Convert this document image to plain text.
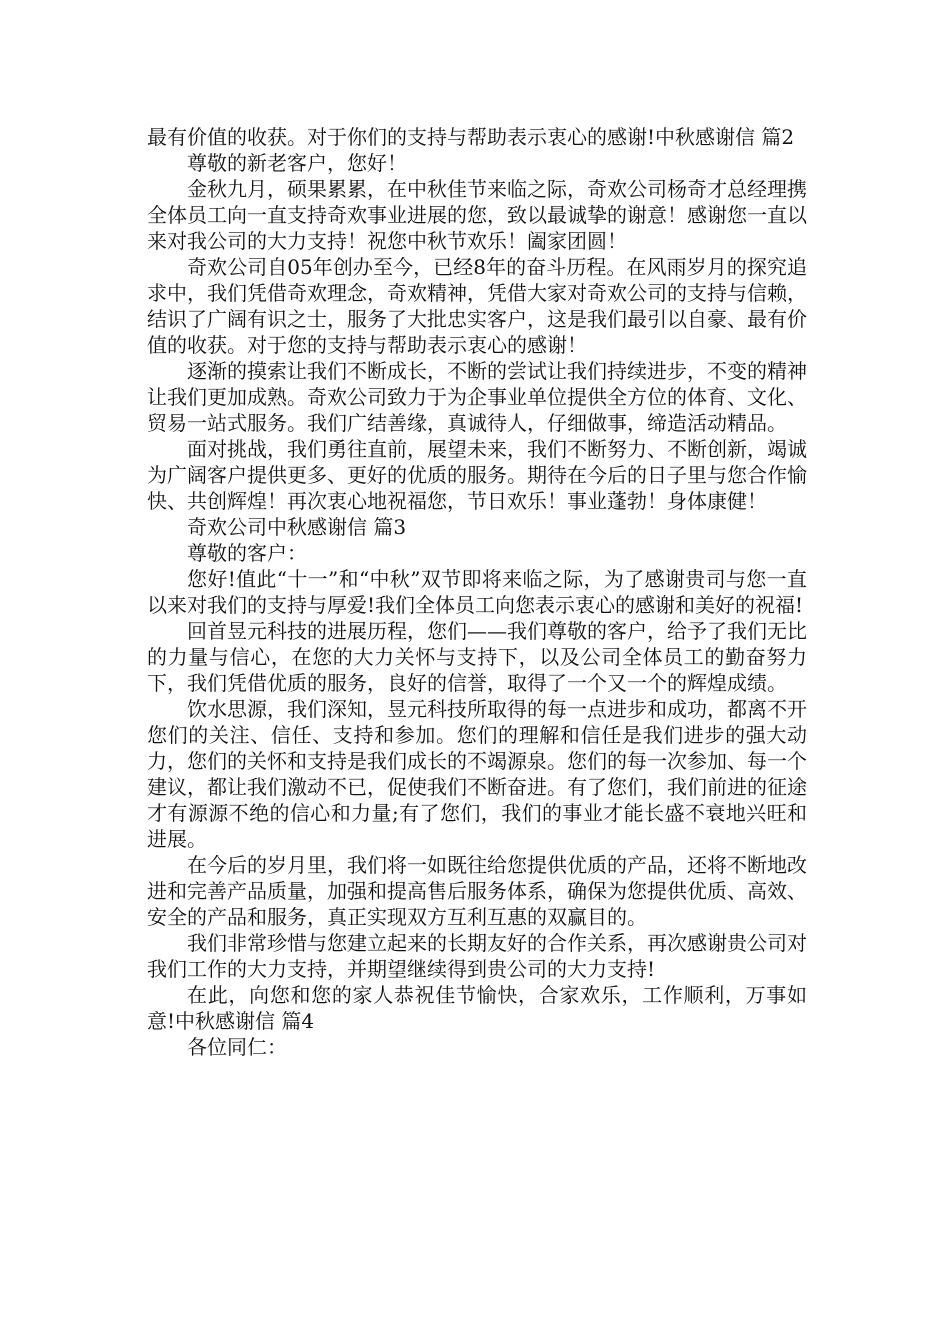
最有价值的收获。对于你们的支持与帮助表示衷心的感谢!中秋感谢信 篇2

尊敬的新老客户，您好！

金秋九月，硕果累累，在中秋佳节来临之际，奇欢公司杨奇才总经理携全体员工向一直支持奇欢事业进展的您，致以最诚挚的谢意！感谢您一直以来对我公司的大力支持！祝您中秋节欢乐！阖家团圆！

奇欢公司自05年创办至今，已经8年的奋斗历程。在风雨岁月的探究追求中，我们凭借奇欢理念，奇欢精神，凭借大家对奇欢公司的支持与信赖，结识了广阔有识之士，服务了大批忠实客户，这是我们最引以自豪、最有价值的收获。对于您的支持与帮助表示衷心的感谢！

逐渐的摸索让我们不断成长，不断的尝试让我们持续进步，不变的精神让我们更加成熟。奇欢公司致力于为企事业单位提供全方位的体育、文化、贸易一站式服务。我们广结善缘，真诚待人，仔细做事，缔造活动精品。

面对挑战，我们勇往直前，展望未来，我们不断努力、不断创新，竭诚为广阔客户提供更多、更好的优质的服务。期待在今后的日子里与您合作愉快、共创辉煌！再次衷心地祝福您，节日欢乐！事业蓬勃！身体康健！

奇欢公司中秋感谢信 篇3

尊敬的客户：

您好!值此“十一”和“中秋”双节即将来临之际，为了感谢贵司与您一直以来对我们的支持与厚爱!我们全体员工向您表示衷心的感谢和美好的祝福!

回首昱元科技的进展历程，您们——我们尊敬的客户，给予了我们无比的力量与信心，在您的大力关怀与支持下，以及公司全体员工的勤奋努力下，我们凭借优质的服务，良好的信誉，取得了一个又一个的辉煌成绩。

饮水思源，我们深知，昱元科技所取得的每一点进步和成功，都离不开您们的关注、信任、支持和参加。您们的理解和信任是我们进步的强大动力，您们的关怀和支持是我们成长的不竭源泉。您们的每一次参加、每一个建议，都让我们激动不已，促使我们不断奋进。有了您们，我们前进的征途才有源源不绝的信心和力量;有了您们，我们的事业才能长盛不衰地兴旺和进展。

在今后的岁月里，我们将一如既往给您提供优质的产品，还将不断地改进和完善产品质量，加强和提高售后服务体系，确保为您提供优质、高效、安全的产品和服务，真正实现双方互利互惠的双赢目的。

我们非常珍惜与您建立起来的长期友好的合作关系，再次感谢贵公司对我们工作的大力支持，并期望继续得到贵公司的大力支持!

在此，向您和您的家人恭祝佳节愉快，合家欢乐，工作顺利，万事如意!中秋感谢信 篇4

各位同仁：
